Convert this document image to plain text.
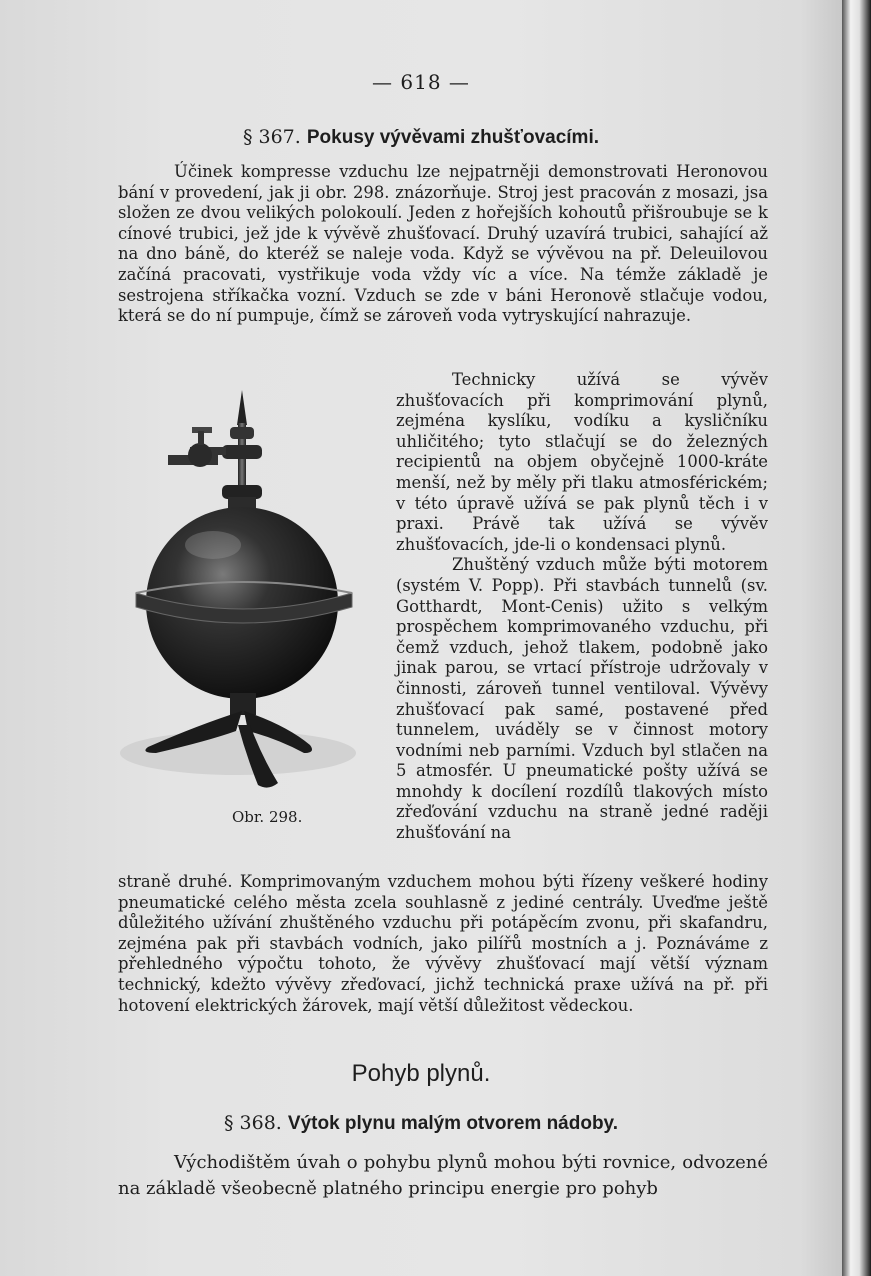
— 618 —
§ 367. Pokusy vývěvami zhušťovacími.

Účinek kompresse vzduchu lze nejpatrněji demonstrovati Heronovou bání v provedení, jak ji obr. 298. znázorňuje. Stroj jest pracován z mosazi, jsa složen ze dvou velikých polokoulí. Jeden z hořejších kohoutů přišroubuje se k cínové trubici, jež jde k vývěvě zhušťovací. Druhý uzavírá trubici, sahající až na dno báně, do kteréž se naleje voda. Když se vývěvou na př. Deleuilovou začíná pracovati, vystřikuje voda vždy víc a více. Na témže základě je sestrojena stříkačka vozní. Vzduch se zde v báni Heronově stlačuje vodou, která se do ní pumpuje, čímž se zároveň voda vytryskující nahrazuje.

Technicky užívá se vývěv zhušťovacích při komprimování plynů, zejména kyslíku, vodíku a kysličníku uhličitého; tyto stlačují se do železných recipientů na objem obyčejně 1000-kráte menší, než by měly při tlaku atmosférickém; v této úpravě užívá se pak plynů těch i v praxi. Právě tak užívá se vývěv zhušťovacích, jde-li o kondensaci plynů.

Zhuštěný vzduch může býti motorem (systém V. Popp). Při stavbách tunnelů (sv. Gotthardt, Mont-Cenis) užito s velkým prospěchem komprimovaného vzduchu, při čemž vzduch, jehož tlakem, podobně jako jinak parou, se vrtací přístroje udržovaly v činnosti, zároveň tunnel ventiloval. Vývěvy zhušťovací pak samé, postavené před tunnelem, uváděly se v činnost motory vodními neb parními. Vzduch byl stlačen na 5 atmosfér. U pneumatické pošty užívá se mnohdy k docílení rozdílů tlakových místo zřeďování vzduchu na straně jedné raději zhušťování na

Obr. 298.

straně druhé. Komprimovaným vzduchem mohou býti řízeny veškeré hodiny pneumatické celého města zcela souhlasně z jediné centrály. Uveďme ještě důležitého užívání zhuštěného vzduchu při potápěcím zvonu, při skafandru, zejména pak při stavbách vodních, jako pilířů mostních a j. Poznáváme z přehledného výpočtu tohoto, že vývěvy zhušťovací mají větší význam technický, kdežto vývěvy zřeďovací, jichž technická praxe užívá na př. při hotovení elektrických žárovek, mají větší důležitost vědeckou.

Pohyb plynů.
§ 368. Výtok plynu malým otvorem nádoby.

Východištěm úvah o pohybu plynů mohou býti rovnice, odvozené na základě všeobecně platného principu energie pro pohyb
